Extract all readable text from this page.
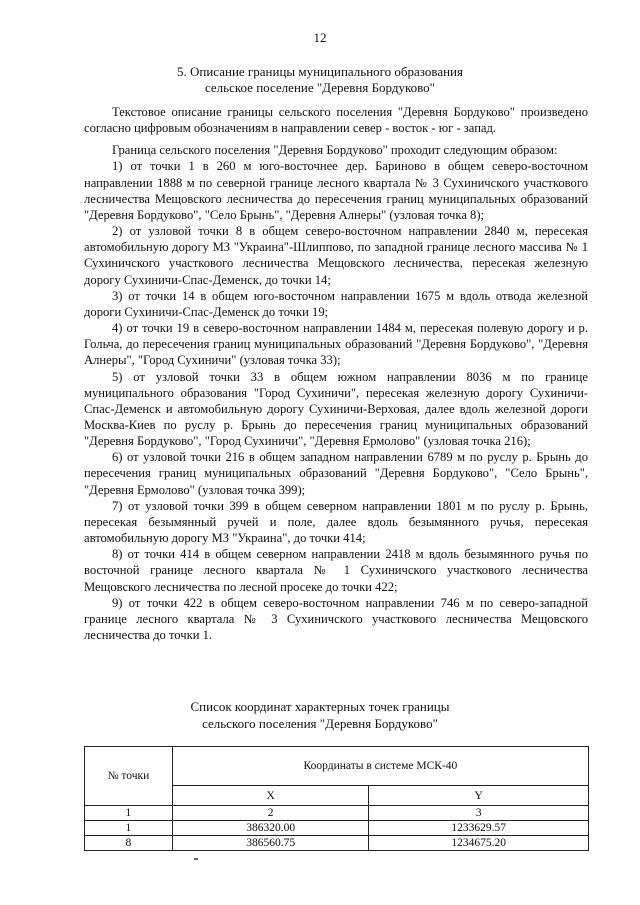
12
5. Описание границы муниципального образования
сельское поселение "Деревня Бордуково"

Текстовое описание границы сельского поселения "Деревня Бордуково" произведено согласно цифровым обозначениям в направлении север - восток - юг - запад.

Граница сельского поселения "Деревня Бордуково" проходит следующим образом:

1) от точки 1 в 260 м юго-восточнее дер. Бариново в общем северо-восточном направлении 1888 м по северной границе лесного квартала № 3 Сухиничского участкового лесничества Мещовского лесничества до пересечения границ муниципальных образований "Деревня Бордуково", "Село Брынь", "Деревня Алнеры" (узловая точка 8);

2) от узловой точки 8 в общем северо-восточном направлении 2840 м, пересекая автомобильную дорогу МЗ "Украина"-Шлиппово, по западной границе лесного массива № 1 Сухиничского участкового лесничества Мещовского лесничества, пересекая железную дорогу Сухиничи-Спас-Деменск, до точки 14;

3) от точки 14 в общем юго-восточном направлении 1675 м вдоль отвода железной дороги Сухиничи-Спас-Деменск до точки 19;

4) от точки 19 в северо-восточном направлении 1484 м, пересекая полевую дорогу и р. Гольча, до пересечения границ муниципальных образований "Деревня Бордуково", "Деревня Алнеры", "Город Сухиничи" (узловая точка 33);

5) от узловой точки 33 в общем южном направлении 8036 м по границе муниципального образования "Город Сухиничи", пересекая железную дорогу Сухиничи-Спас-Деменск и автомобильную дорогу Сухиничи-Верховая, далее вдоль железной дороги Москва-Киев по руслу р. Брынь до пересечения границ муниципальных образований "Деревня Бордуково", "Город Сухиничи", "Деревня Ермолово" (узловая точка 216);

6) от узловой точки 216 в общем западном направлении 6789 м по руслу р. Брынь до пересечения границ муниципальных образований "Деревня Бордуково", "Село Брынь", "Деревня Ермолово" (узловая точка 399);

7) от узловой точки 399 в общем северном направлении 1801 м по руслу р. Брынь, пересекая безымянный ручей и поле, далее вдоль безымянного ручья, пересекая автомобильную дорогу МЗ "Украина", до точки 414;

8) от точки 414 в общем северном направлении 2418 м вдоль безымянного ручья по восточной границе лесного квартала № 1 Сухиничского участкового лесничества Мещовского лесничества по лесной просеке до точки 422;

9) от точки 422 в общем северо-восточном направлении 746 м по северо-западной границе лесного квартала № 3 Сухиничского участкового лесничества Мещовского лесничества до точки 1.

Список координат характерных точек границы
сельского поселения "Деревня Бордуково"
№ точки	Координаты в системе МСК-40	
	X	Y
1	2	3
1	386320.00	1233629.57
8	386560.75	1234675.20
